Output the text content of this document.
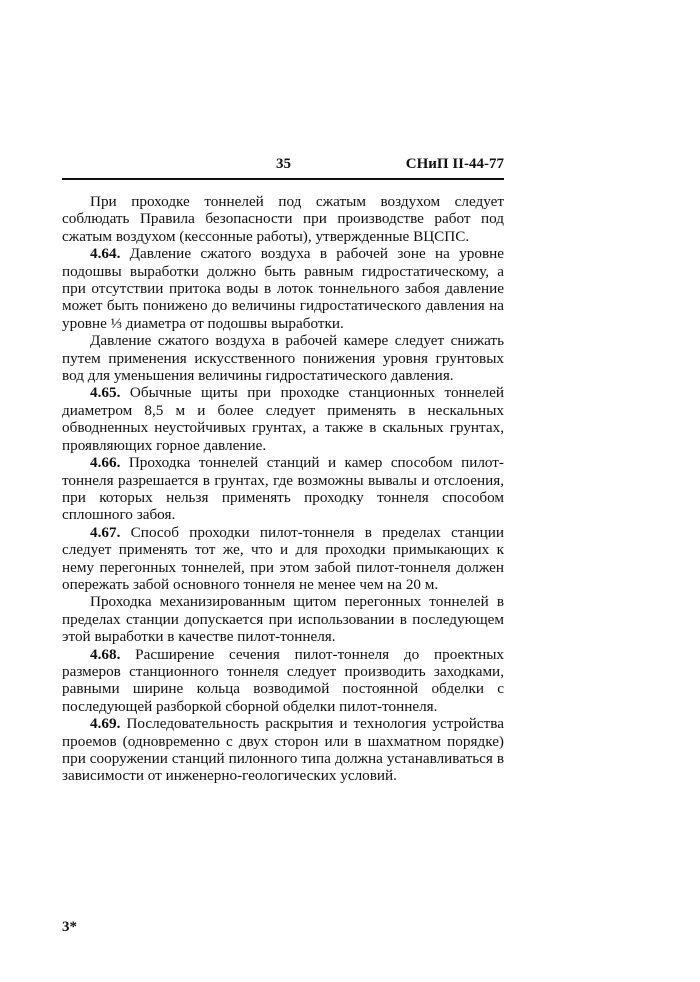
35	СНиП II-44-77

При проходке тоннелей под сжатым воздухом следует соблюдать Правила безопасности при производстве работ под сжатым воздухом (кессонные работы), утвержденные ВЦСПС.

4.64. Давление сжатого воздуха в рабочей зоне на уровне подошвы выработки должно быть равным гидростатическому, а при отсутствии притока воды в лоток тоннельного забоя давление может быть понижено до величины гидростатического давления на уровне ⅓ диаметра от подошвы выработки.

Давление сжатого воздуха в рабочей камере следует снижать путем применения искусственного понижения уровня грунтовых вод для уменьшения величины гидростатического давления.

4.65. Обычные щиты при проходке станционных тоннелей диаметром 8,5 м и более следует применять в нескальных обводненных неустойчивых грунтах, а также в скальных грунтах, проявляющих горное давление.

4.66. Проходка тоннелей станций и камер способом пилот-тоннеля разрешается в грунтах, где возможны вывалы и отслоения, при которых нельзя применять проходку тоннеля способом сплошного забоя.

4.67. Способ проходки пилот-тоннеля в пределах станции следует применять тот же, что и для проходки примыкающих к нему перегонных тоннелей, при этом забой пилот-тоннеля должен опережать забой основного тоннеля не менее чем на 20 м.

Проходка механизированным щитом перегонных тоннелей в пределах станции допускается при использовании в последующем этой выработки в качестве пилот-тоннеля.

4.68. Расширение сечения пилот-тоннеля до проектных размеров станционного тоннеля следует производить заходками, равными ширине кольца возводимой постоянной обделки с последующей разборкой сборной обделки пилот-тоннеля.

4.69. Последовательность раскрытия и технология устройства проемов (одновременно с двух сторон или в шахматном порядке) при сооружении станций пилонного типа должна устанавливаться в зависимости от инженерно-геологических условий.

3*
